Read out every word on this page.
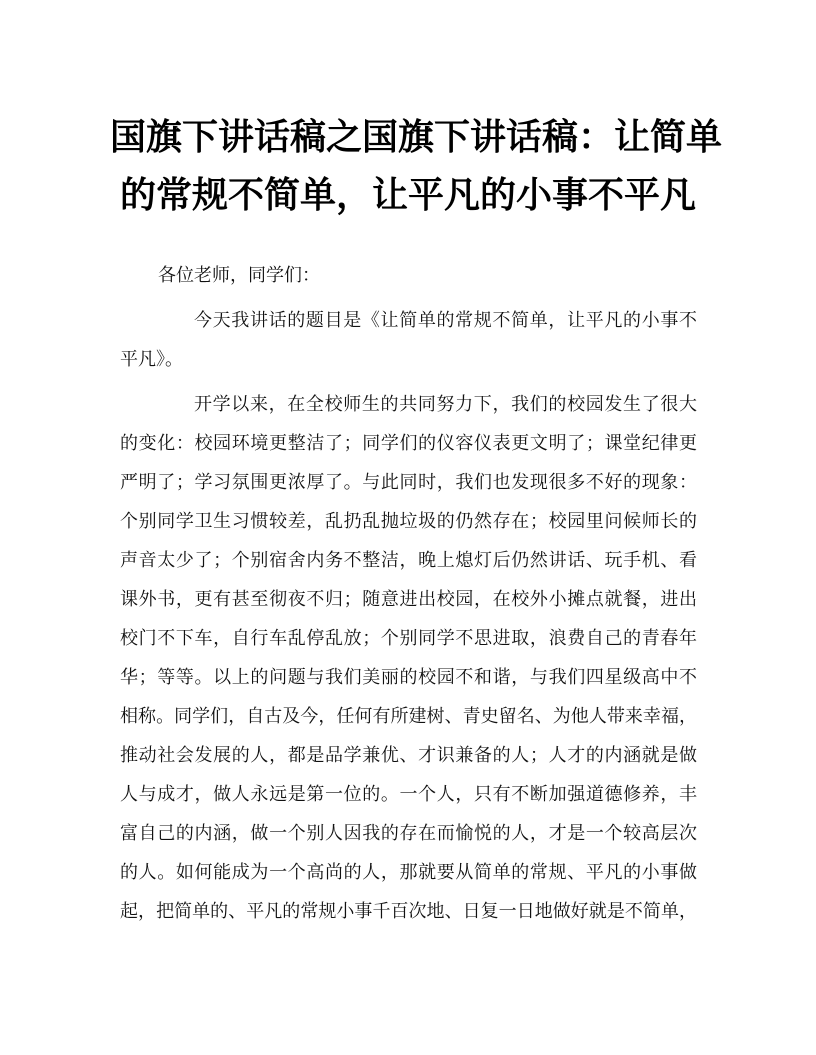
国旗下讲话稿之国旗下讲话稿：让简单
的常规不简单，让平凡的小事不平凡
各位老师，同学们：
今天我讲话的题目是《让简单的常规不简单，让平凡的小事不
平凡》。
开学以来，在全校师生的共同努力下，我们的校园发生了很大
的变化：校园环境更整洁了；同学们的仪容仪表更文明了；课堂纪律更
严明了；学习氛围更浓厚了。与此同时，我们也发现很多不好的现象：
个别同学卫生习惯较差，乱扔乱抛垃圾的仍然存在；校园里问候师长的
声音太少了；个别宿舍内务不整洁，晚上熄灯后仍然讲话、玩手机、看
课外书，更有甚至彻夜不归；随意进出校园，在校外小摊点就餐，进出
校门不下车，自行车乱停乱放；个别同学不思进取，浪费自己的青春年
华；等等。以上的问题与我们美丽的校园不和谐，与我们四星级高中不
相称。同学们，自古及今，任何有所建树、青史留名、为他人带来幸福，
推动社会发展的人，都是品学兼优、才识兼备的人；人才的内涵就是做
人与成才，做人永远是第一位的。一个人，只有不断加强道德修养，丰
富自己的内涵，做一个别人因我的存在而愉悦的人，才是一个较高层次
的人。如何能成为一个高尚的人，那就要从简单的常规、平凡的小事做
起，把简单的、平凡的常规小事千百次地、日复一日地做好就是不简单，
